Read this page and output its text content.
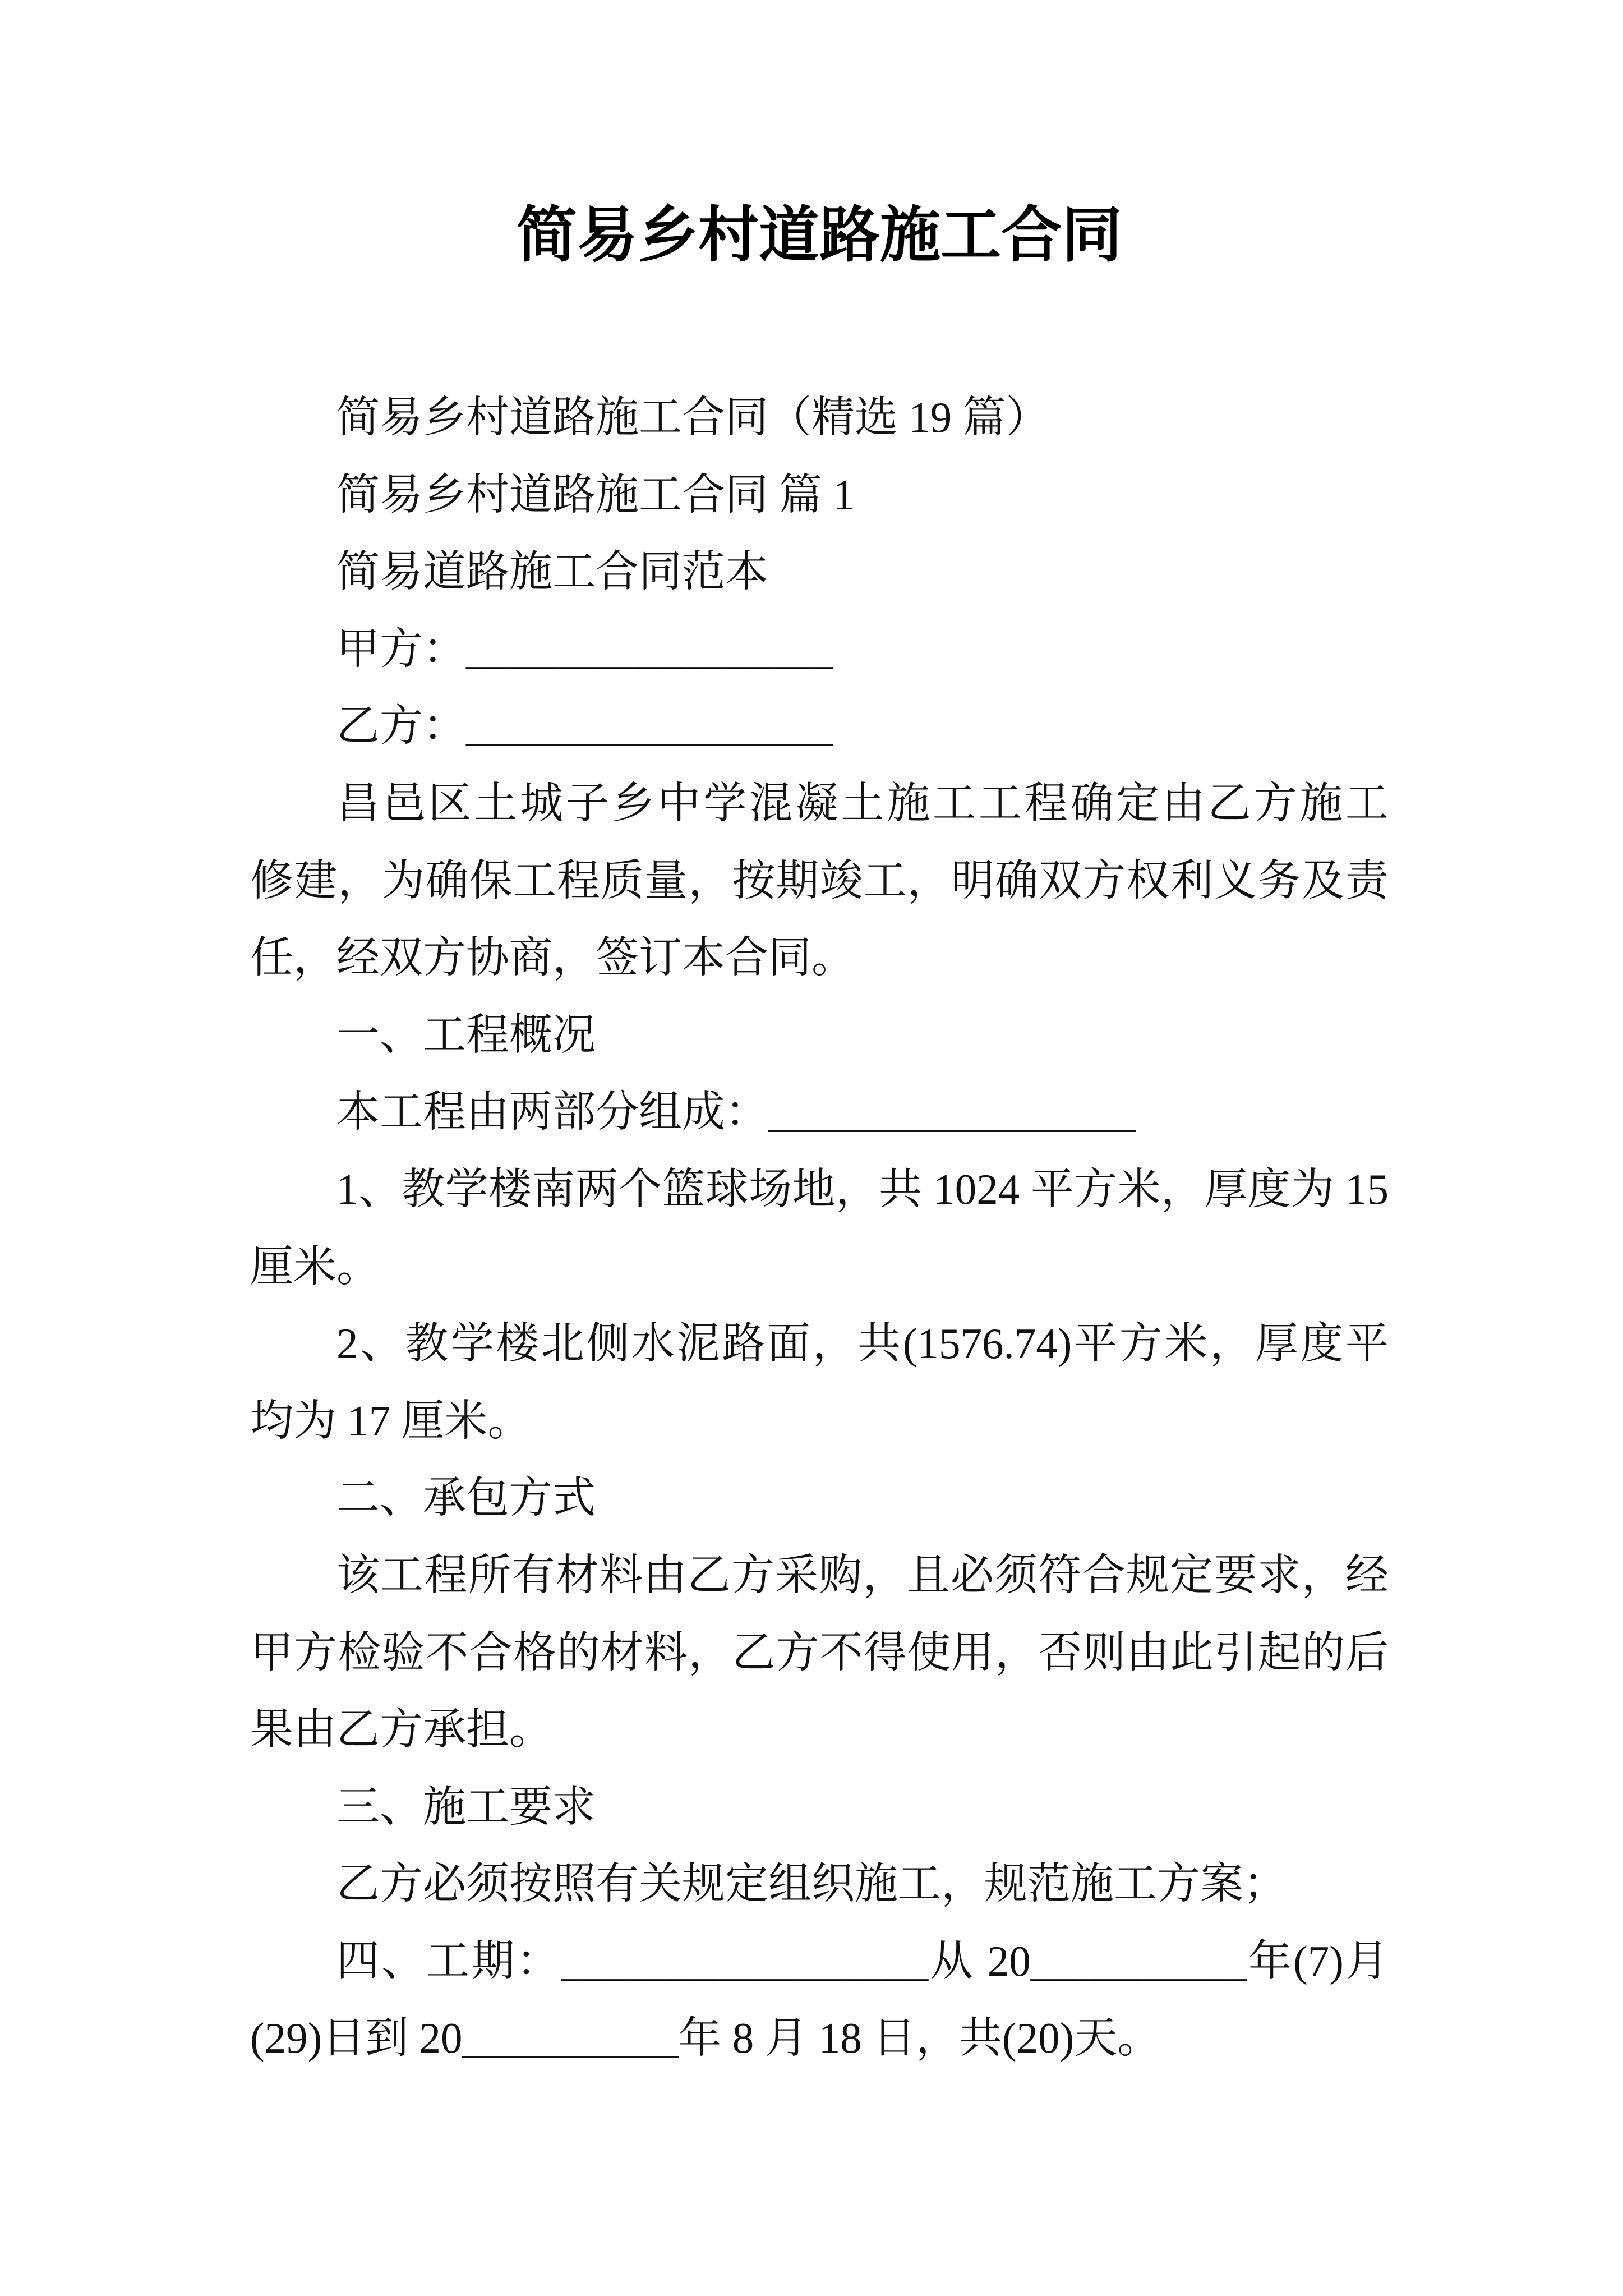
简易乡村道路施工合同
简易乡村道路施工合同（精选 19 篇）
简易乡村道路施工合同 篇 1
简易道路施工合同范本
甲方：_________________
乙方：_________________
昌邑区土城子乡中学混凝土施工工程确定由乙方施工
修建，为确保工程质量，按期竣工，明确双方权利义务及责
任，经双方协商，签订本合同。
一、工程概况
本工程由两部分组成：_________________
1、教学楼南两个篮球场地，共 1024 平方米，厚度为 15
厘米。
2、教学楼北侧水泥路面，共(1576.74)平方米，厚度平
均为 17 厘米。
二、承包方式
该工程所有材料由乙方采购，且必须符合规定要求，经
甲方检验不合格的材料，乙方不得使用，否则由此引起的后
果由乙方承担。
三、施工要求
乙方必须按照有关规定组织施工，规范施工方案；
四、工期：_________________从 20__________年(7)月
(29)日到 20__________年 8 月 18 日，共(20)天。
